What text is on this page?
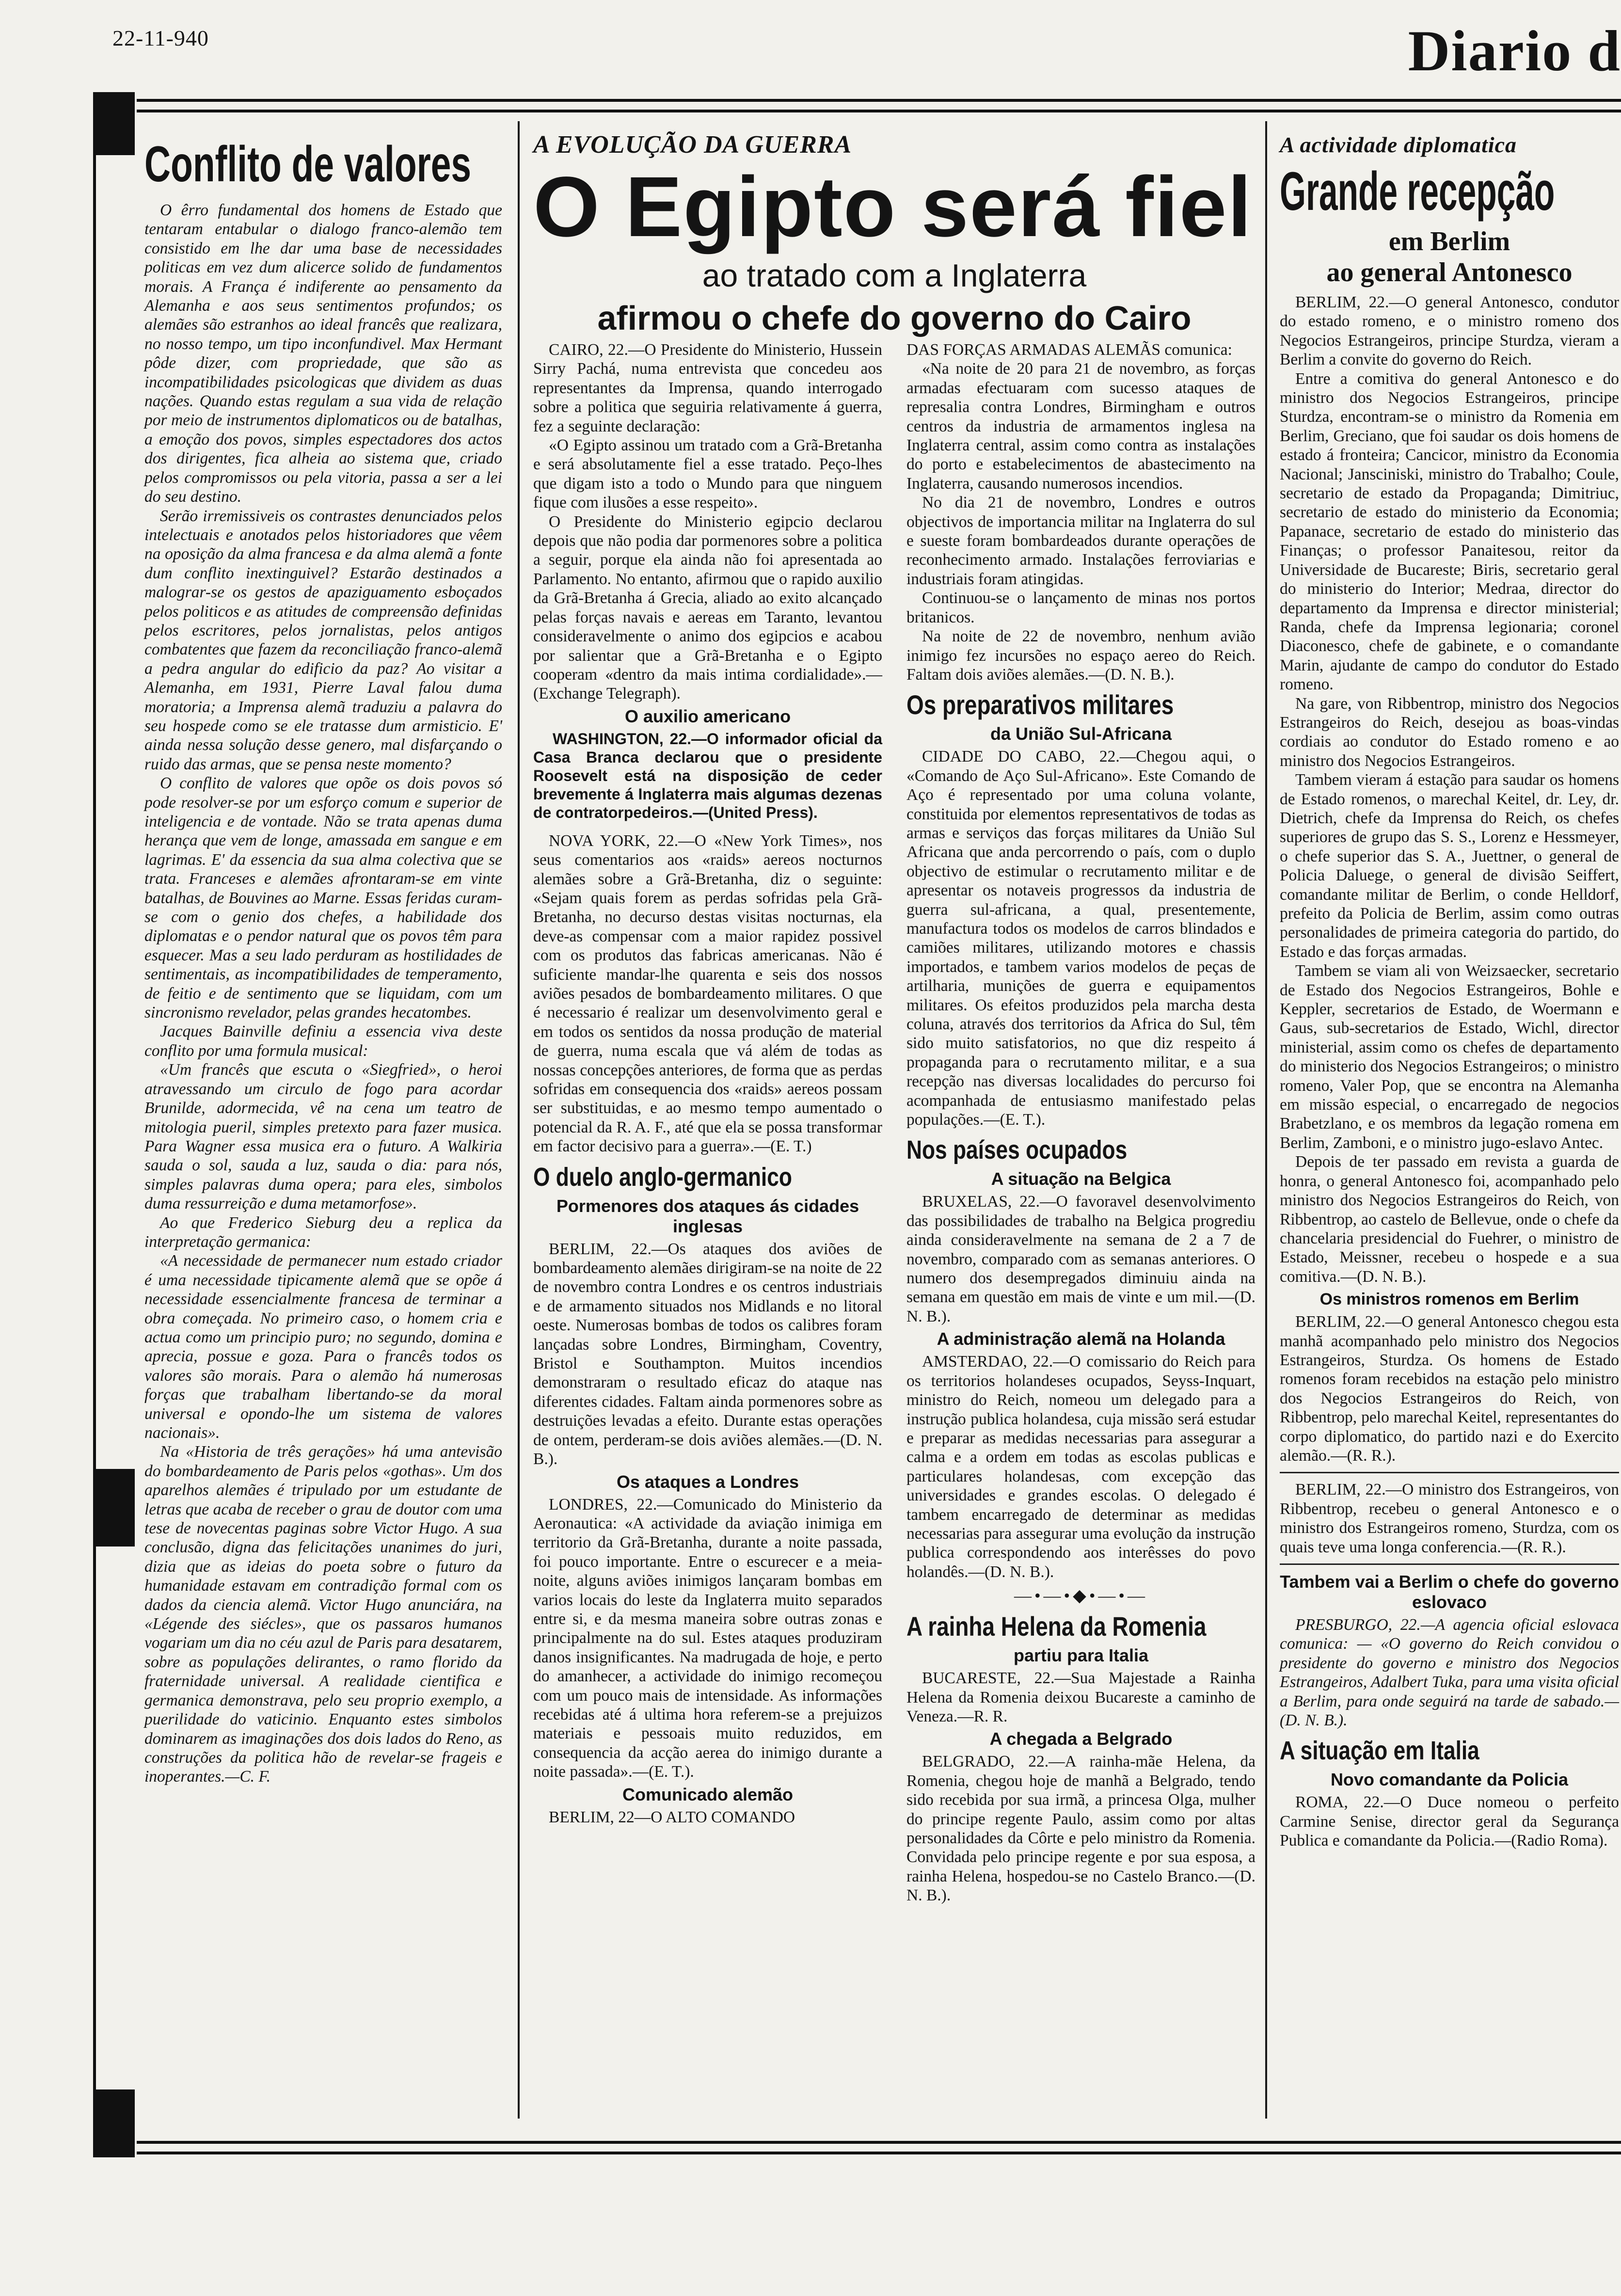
22-11-940	Diario d
Conflito de valores

O êrro fundamental dos homens de Estado que tentaram entabular o dialogo franco-alemão tem consistido em lhe dar uma base de necessidades politicas em vez dum alicerce solido de fundamentos morais. A França é indiferente ao pensamento da Alemanha e aos seus sentimentos profundos; os alemães são estranhos ao ideal francês que realizara, no nosso tempo, um tipo inconfundivel. Max Hermant pôde dizer, com propriedade, que são as incompatibilidades psicologicas que dividem as duas nações. Quando estas regulam a sua vida de relação por meio de instrumentos diplomaticos ou de batalhas, a emoção dos povos, simples espectadores dos actos dos dirigentes, fica alheia ao sistema que, criado pelos compromissos ou pela vitoria, passa a ser a lei do seu destino.

Serão irremissiveis os contrastes denunciados pelos intelectuais e anotados pelos historiadores que vêem na oposição da alma francesa e da alma alemã a fonte dum conflito inextinguivel? Estarão destinados a malograr-se os gestos de apaziguamento esboçados pelos politicos e as atitudes de compreensão definidas pelos escritores, pelos jornalistas, pelos antigos combatentes que fazem da reconciliação franco-alemã a pedra angular do edificio da paz? Ao visitar a Alemanha, em 1931, Pierre Laval falou duma moratoria; a Imprensa alemã traduziu a palavra do seu hospede como se ele tratasse dum armisticio. E' ainda nessa solução desse genero, mal disfarçando o ruido das armas, que se pensa neste momento?

O conflito de valores que opõe os dois povos só pode resolver-se por um esforço comum e superior de inteligencia e de vontade. Não se trata apenas duma herança que vem de longe, amassada em sangue e em lagrimas. E' da essencia da sua alma colectiva que se trata. Franceses e alemães afrontaram-se em vinte batalhas, de Bouvines ao Marne. Essas feridas curam-se com o genio dos chefes, a habilidade dos diplomatas e o pendor natural que os povos têm para esquecer. Mas a seu lado perduram as hostilidades de sentimentais, as incompatibilidades de temperamento, de feitio e de sentimento que se liquidam, com um sincronismo revelador, pelas grandes hecatombes.

Jacques Bainville definiu a essencia viva deste conflito por uma formula musical:

«Um francês que escuta o «Siegfried», o heroi atravessando um circulo de fogo para acordar Brunilde, adormecida, vê na cena um teatro de mitologia pueril, simples pretexto para fazer musica. Para Wagner essa musica era o futuro. A Walkiria sauda o sol, sauda a luz, sauda o dia: para nós, simples palavras duma opera; para eles, simbolos duma ressurreição e duma metamorfose».

Ao que Frederico Sieburg deu a replica da interpretação germanica:

«A necessidade de permanecer num estado criador é uma necessidade tipicamente alemã que se opõe á necessidade essencialmente francesa de terminar a obra começada. No primeiro caso, o homem cria e actua como um principio puro; no segundo, domina e aprecia, possue e goza. Para o francês todos os valores são morais. Para o alemão há numerosas forças que trabalham libertando-se da moral universal e opondo-lhe um sistema de valores nacionais».

Na «Historia de três gerações» há uma antevisão do bombardeamento de Paris pelos «gothas». Um dos aparelhos alemães é tripulado por um estudante de letras que acaba de receber o grau de doutor com uma tese de novecentas paginas sobre Victor Hugo. A sua conclusão, digna das felicitações unanimes do juri, dizia que as ideias do poeta sobre o futuro da humanidade estavam em contradição formal com os dados da ciencia alemã. Victor Hugo anunciára, na «Légende des siécles», que os passaros humanos vogariam um dia no céu azul de Paris para desatarem, sobre as populações delirantes, o ramo florido da fraternidade universal. A realidade cientifica e germanica demonstrava, pelo seu proprio exemplo, a puerilidade do vaticinio. Enquanto estes simbolos dominarem as imaginações dos dois lados do Reno, as construções da politica hão de revelar-se frageis e inoperantes.—C. F.

A EVOLUÇÃO DA GUERRA

O Egipto será fiel
ao tratado com a Inglaterra
afirmou o chefe do governo do Cairo

CAIRO, 22.—O Presidente do Ministerio, Hussein Sirry Pachá, numa entrevista que concedeu aos representantes da Imprensa, quando interrogado sobre a politica que seguiria relativamente á guerra, fez a seguinte declaração:

«O Egipto assinou um tratado com a Grã-Bretanha e será absolutamente fiel a esse tratado. Peço-lhes que digam isto a todo o Mundo para que ninguem fique com ilusões a esse respeito».

O Presidente do Ministerio egipcio declarou depois que não podia dar pormenores sobre a politica a seguir, porque ela ainda não foi apresentada ao Parlamento. No entanto, afirmou que o rapido auxilio da Grã-Bretanha á Grecia, aliado ao exito alcançado pelas forças navais e aereas em Taranto, levantou consideravelmente o animo dos egipcios e acabou por salientar que a Grã-Bretanha e o Egipto cooperam «dentro da mais intima cordialidade».—(Exchange Telegraph).

O auxilio americano

WASHINGTON, 22.—O informador oficial da Casa Branca declarou que o presidente Roosevelt está na disposição de ceder brevemente á Inglaterra mais algumas dezenas de contratorpedeiros.—(United Press).

NOVA YORK, 22.—O «New York Times», nos seus comentarios aos «raids» aereos nocturnos alemães sobre a Grã-Bretanha, diz o seguinte: «Sejam quais forem as perdas sofridas pela Grã-Bretanha, no decurso destas visitas nocturnas, ela deve-as compensar com a maior rapidez possivel com os produtos das fabricas americanas. Não é suficiente mandar-lhe quarenta e seis dos nossos aviões pesados de bombardeamento militares. O que é necessario é realizar um desenvolvimento geral e em todos os sentidos da nossa produção de material de guerra, numa escala que vá além de todas as nossas concepções anteriores, de forma que as perdas sofridas em consequencia dos «raids» aereos possam ser substituidas, e ao mesmo tempo aumentado o potencial da R. A. F., até que ela se possa transformar em factor decisivo para a guerra».—(E. T.)

O duelo anglo-germanico
Pormenores dos ataques ás cidades inglesas

BERLIM, 22.—Os ataques dos aviões de bombardeamento alemães dirigiram-se na noite de 22 de novembro contra Londres e os centros industriais e de armamento situados nos Midlands e no litoral oeste. Numerosas bombas de todos os calibres foram lançadas sobre Londres, Birmingham, Coventry, Bristol e Southampton. Muitos incendios demonstraram o resultado eficaz do ataque nas diferentes cidades. Faltam ainda pormenores sobre as destruições levadas a efeito. Durante estas operações de ontem, perderam-se dois aviões alemães.—(D. N. B.).

Os ataques a Londres

LONDRES, 22.—Comunicado do Ministerio da Aeronautica: «A actividade da aviação inimiga em territorio da Grã-Bretanha, durante a noite passada, foi pouco importante. Entre o escurecer e a meia-noite, alguns aviões inimigos lançaram bombas em varios locais do leste da Inglaterra muito separados entre si, e da mesma maneira sobre outras zonas e principalmente na do sul. Estes ataques produziram danos insignificantes. Na madrugada de hoje, e perto do amanhecer, a actividade do inimigo recomeçou com um pouco mais de intensidade. As informações recebidas até á ultima hora referem-se a prejuizos materiais e pessoais muito reduzidos, em consequencia da acção aerea do inimigo durante a noite passada».—(E. T.).

Comunicado alemão

BERLIM, 22—O ALTO COMANDO

DAS FORÇAS ARMADAS ALEMÃS comunica:

«Na noite de 20 para 21 de novembro, as forças armadas efectuaram com sucesso ataques de represalia contra Londres, Birmingham e outros centros da industria de armamentos inglesa na Inglaterra central, assim como contra as instalações do porto e estabelecimentos de abastecimento na Inglaterra, causando numerosos incendios.

No dia 21 de novembro, Londres e outros objectivos de importancia militar na Inglaterra do sul e sueste foram bombardeados durante operações de reconhecimento armado. Instalações ferroviarias e industriais foram atingidas.

Continuou-se o lançamento de minas nos portos britanicos.

Na noite de 22 de novembro, nenhum avião inimigo fez incursões no espaço aereo do Reich. Faltam dois aviões alemães.—(D. N. B.).

Os preparativos militares
da União Sul-Africana

CIDADE DO CABO, 22.—Chegou aqui, o «Comando de Aço Sul-Africano». Este Comando de Aço é representado por uma coluna volante, constituida por elementos representativos de todas as armas e serviços das forças militares da União Sul Africana que anda percorrendo o país, com o duplo objectivo de estimular o recrutamento militar e de apresentar os notaveis progressos da industria de guerra sul-africana, a qual, presentemente, manufactura todos os modelos de carros blindados e camiões militares, utilizando motores e chassis importados, e tambem varios modelos de peças de artilharia, munições de guerra e equipamentos militares. Os efeitos produzidos pela marcha desta coluna, através dos territorios da Africa do Sul, têm sido muito satisfatorios, no que diz respeito á propaganda para o recrutamento militar, e a sua recepção nas diversas localidades do percurso foi acompanhada de entusiasmo manifestado pelas populações.—(E. T.).

Nos países ocupados
A situação na Belgica

BRUXELAS, 22.—O favoravel desenvolvimento das possibilidades de trabalho na Belgica progrediu ainda consideravelmente na semana de 2 a 7 de novembro, comparado com as semanas anteriores. O numero dos desempregados diminuiu ainda na semana em questão em mais de vinte e um mil.—(D. N. B.).

A administração alemã na Holanda

AMSTERDAO, 22.—O comissario do Reich para os territorios holandeses ocupados, Seyss-Inquart, ministro do Reich, nomeou um delegado para a instrução publica holandesa, cuja missão será estudar e preparar as medidas necessarias para assegurar a calma e a ordem em todas as escolas publicas e particulares holandesas, com excepção das universidades e grandes escolas. O delegado é tambem encarregado de determinar as medidas necessarias para assegurar uma evolução da instrução publica correspondendo aos interêsses do povo holandês.—(D. N. B.).

—•—•◆•—•—
A rainha Helena da Romenia
partiu para Italia

BUCARESTE, 22.—Sua Majestade a Rainha Helena da Romenia deixou Bucareste a caminho de Veneza.—R. R.

A chegada a Belgrado

BELGRADO, 22.—A rainha-mãe Helena, da Romenia, chegou hoje de manhã a Belgrado, tendo sido recebida por sua irmã, a princesa Olga, mulher do principe regente Paulo, assim como por altas personalidades da Côrte e pelo ministro da Romenia. Convidada pelo principe regente e por sua esposa, a rainha Helena, hospedou-se no Castelo Branco.—(D. N. B.).

A actividade diplomatica

Grande recepção
em Berlim
ao general Antonesco

BERLIM, 22.—O general Antonesco, condutor do estado romeno, e o ministro romeno dos Negocios Estrangeiros, principe Sturdza, vieram a Berlim a convite do governo do Reich.

Entre a comitiva do general Antonesco e do ministro dos Negocios Estrangeiros, principe Sturdza, encontram-se o ministro da Romenia em Berlim, Greciano, que foi saudar os dois homens de estado á fronteira; Cancicor, ministro da Economia Nacional; Jansciniski, ministro do Trabalho; Coule, secretario de estado da Propaganda; Dimitriuc, secretario de estado do ministerio da Economia; Papanace, secretario de estado do ministerio das Finanças; o professor Panaitesou, reitor da Universidade de Bucareste; Biris, secretario geral do ministerio do Interior; Medraa, director do departamento da Imprensa e director ministerial; Randa, chefe da Imprensa legionaria; coronel Diaconesco, chefe de gabinete, e o comandante Marin, ajudante de campo do condutor do Estado romeno.

Na gare, von Ribbentrop, ministro dos Negocios Estrangeiros do Reich, desejou as boas-vindas cordiais ao condutor do Estado romeno e ao ministro dos Negocios Estrangeiros.

Tambem vieram á estação para saudar os homens de Estado romenos, o marechal Keitel, dr. Ley, dr. Dietrich, chefe da Imprensa do Reich, os chefes superiores de grupo das S. S., Lorenz e Hessmeyer, o chefe superior das S. A., Juettner, o general de Policia Daluege, o general de divisão Seiffert, comandante militar de Berlim, o conde Helldorf, prefeito da Policia de Berlim, assim como outras personalidades de primeira categoria do partido, do Estado e das forças armadas.

Tambem se viam ali von Weizsaecker, secretario de Estado dos Negocios Estrangeiros, Bohle e Keppler, secretarios de Estado, de Woermann e Gaus, sub-secretarios de Estado, Wichl, director ministerial, assim como os chefes de departamento do ministerio dos Negocios Estrangeiros; o ministro romeno, Valer Pop, que se encontra na Alemanha em missão especial, o encarregado de negocios Brabetzlano, e os membros da legação romena em Berlim, Zamboni, e o ministro jugo-eslavo Antec.

Depois de ter passado em revista a guarda de honra, o general Antonesco foi, acompanhado pelo ministro dos Negocios Estrangeiros do Reich, von Ribbentrop, ao castelo de Bellevue, onde o chefe da chancelaria presidencial do Fuehrer, o ministro de Estado, Meissner, recebeu o hospede e a sua comitiva.—(D. N. B.).

Os ministros romenos em Berlim

BERLIM, 22.—O general Antonesco chegou esta manhã acompanhado pelo ministro dos Negocios Estrangeiros, Sturdza. Os homens de Estado romenos foram recebidos na estação pelo ministro dos Negocios Estrangeiros do Reich, von Ribbentrop, pelo marechal Keitel, representantes do corpo diplomatico, do partido nazi e do Exercito alemão.—(R. R.).

BERLIM, 22.—O ministro dos Estrangeiros, von Ribbentrop, recebeu o general Antonesco e o ministro dos Estrangeiros romeno, Sturdza, com os quais teve uma longa conferencia.—(R. R.).

Tambem vai a Berlim o chefe do governo eslovaco

PRESBURGO, 22.—A agencia oficial eslovaca comunica: — «O governo do Reich convidou o presidente do governo e ministro dos Negocios Estrangeiros, Adalbert Tuka, para uma visita oficial a Berlim, para onde seguirá na tarde de sabado.—(D. N. B.).

A situação em Italia
Novo comandante da Policia

ROMA, 22.—O Duce nomeou o perfeito Carmine Senise, director geral da Segurança Publica e comandante da Policia.—(Radio Roma).
